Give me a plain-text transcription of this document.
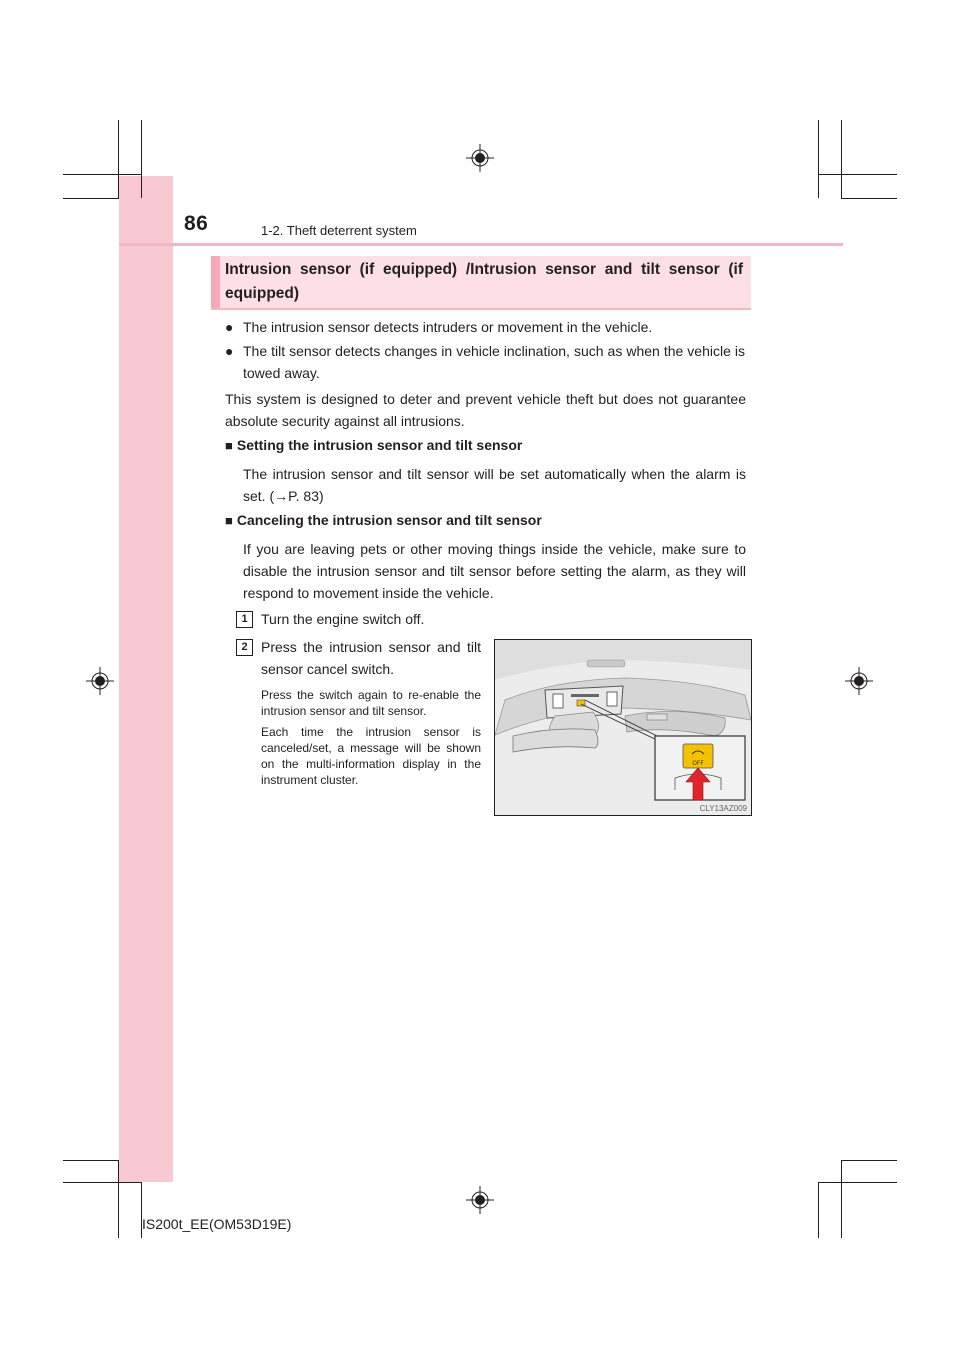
86	1-2. Theft deterrent system
Intrusion sensor (if equipped) /Intrusion sensor and tilt sensor (if equipped)
● The intrusion sensor detects intruders or movement in the vehicle.
● The tilt sensor detects changes in vehicle inclination, such as when the vehicle is towed away.
This system is designed to deter and prevent vehicle theft but does not guarantee absolute security against all intrusions.
■ Setting the intrusion sensor and tilt sensor
The intrusion sensor and tilt sensor will be set automatically when the alarm is set. (→P. 83)
■ Canceling the intrusion sensor and tilt sensor
If you are leaving pets or other moving things inside the vehicle, make sure to disable the intrusion sensor and tilt sensor before setting the alarm, as they will respond to movement inside the vehicle.
1 Turn the engine switch off.
2 Press the intrusion sensor and tilt sensor cancel switch.
Press the switch again to re-enable the intrusion sensor and tilt sensor.
Each time the intrusion sensor is canceled/set, a message will be shown on the multi-information display in the instrument cluster.
OFF
CLY13AZ009
IS200t_EE(OM53D19E)
